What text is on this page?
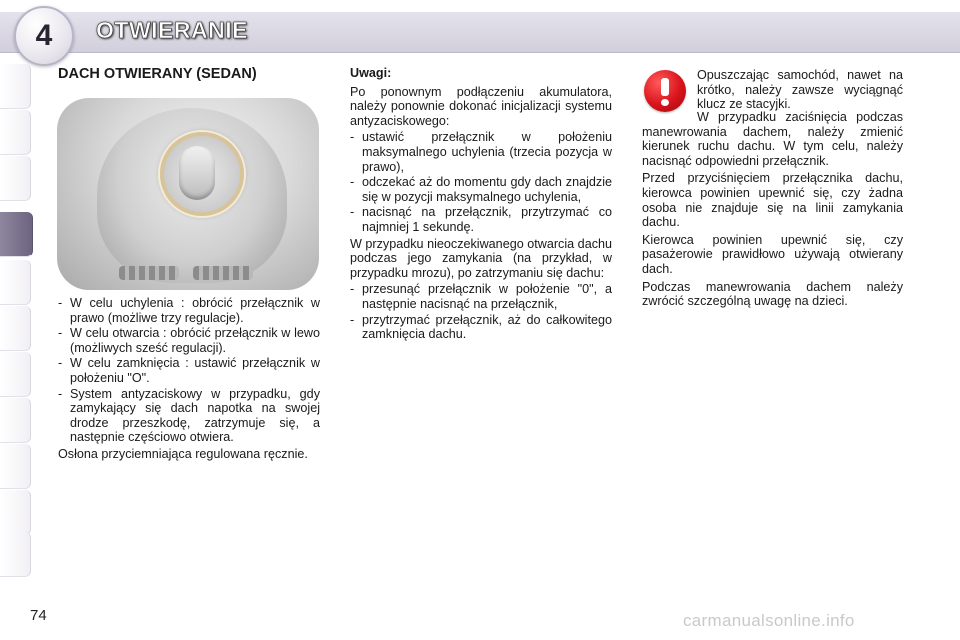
4 OTWIERANIE
DACH OTWIERANY (SEDAN)
- W celu uchylenia : obrócić przełącznik w prawo (możliwe trzy regulacje).
- W celu otwarcia : obrócić przełącznik w lewo (możliwych sześć regulacji).
- W celu zamknięcia : ustawić przełącznik w położeniu "O".
- System antyzaciskowy w przypadku, gdy zamykający się dach napotka na swojej drodze przeszkodę, zatrzymuje się, a następnie częściowo otwiera.

Osłona przyciemniająca regulowana ręcznie.

Uwagi:

Po ponownym podłączeniu akumulatora, należy ponownie dokonać inicjalizacji systemu antyzaciskowego:

- ustawić przełącznik w położeniu maksymalnego uchylenia (trzecia pozycja w prawo),
- odczekać aż do momentu gdy dach znajdzie się w pozycji maksymalnego uchylenia,
- nacisnąć na przełącznik, przytrzymać co najmniej 1 sekundę.

W przypadku nieoczekiwanego otwarcia dachu podczas jego zamykania (na przykład, w przypadku mrozu), po zatrzymaniu się dachu:

- przesunąć przełącznik w położenie "0", a następnie nacisnąć na przełącznik,
- przytrzymać przełącznik, aż do całkowitego zamknięcia dachu.

Opuszczając samochód, nawet na krótko, należy zawsze wyciągnąć klucz ze stacyjki.

W przypadku zaciśnięcia podczas manewrowania dachem, należy zmienić kierunek ruchu dachu. W tym celu, należy nacisnąć odpowiedni przełącznik.

Przed przyciśnięciem przełącznika dachu, kierowca powinien upewnić się, czy żadna osoba nie znajduje się na linii zamykania dachu.

Kierowca powinien upewnić się, czy pasażerowie prawidłowo używają otwierany dach.

Podczas manewrowania dachem należy zwrócić szczególną uwagę na dzieci.

74	carmanualsonline.info
